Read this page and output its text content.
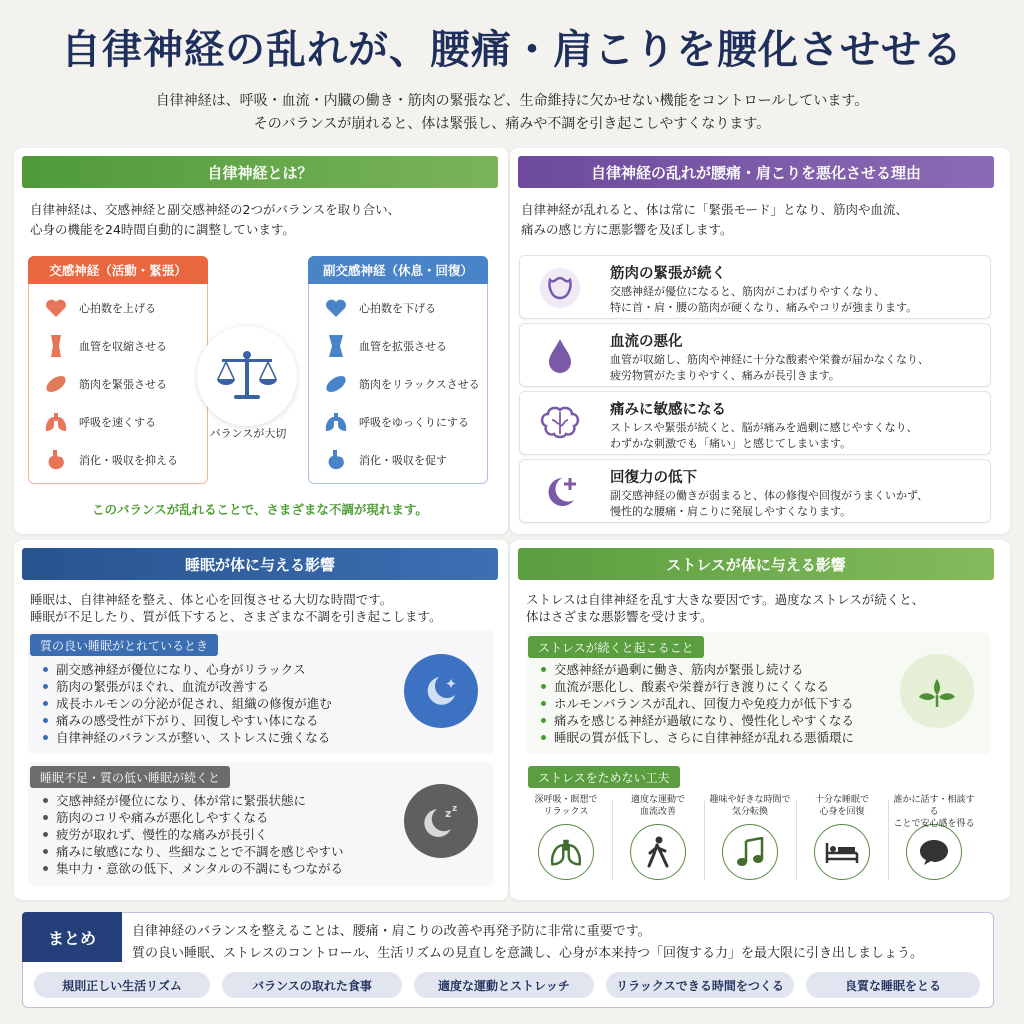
自律神経の乱れが、腰痛・肩こりを腰化させせる
自律神経は、呼吸・血流・内臓の働き・筋肉の緊張など、生命維持に欠かせない機能をコントロールしています。
そのバランスが崩れると、体は緊張し、痛みや不調を引き起こしやすくなります。
自律神経とは？
自律神経は、交感神経と副交感神経の2つがバランスを取り合い、
心身の機能を24時間自動的に調整しています。
交感神経（活動・緊張）
心拍数を上げる
血管を収縮させる
筋肉を緊張させる
呼吸を速くする
消化・吸収を抑える
バランスが大切
副交感神経（休息・回復）
心拍数を下げる
血管を拡張させる
筋肉をリラックスさせる
呼吸をゆっくりにする
消化・吸収を促す
このバランスが乱れることで、さまざまな不調が現れます。
自律神経の乱れが腰痛・肩こりを悪化させる理由
自律神経が乱れると、体は常に「緊張モード」となり、筋肉や血流、
痛みの感じ方に悪影響を及ぼします。
筋肉の緊張が続く
交感神経が優位になると、筋肉がこわばりやすくなり、
特に首・肩・腰の筋肉が硬くなり、痛みやコリが強まります。
血流の悪化
血管が収縮し、筋肉や神経に十分な酸素や栄養が届かなくなり、
疲労物質がたまりやすく、痛みが長引きます。
痛みに敏感になる
ストレスや緊張が続くと、脳が痛みを過剰に感じやすくなり、
わずかな刺激でも「痛い」と感じてしまいます。
回復力の低下
副交感神経の働きが弱まると、体の修復や回復がうまくいかず、
慢性的な腰痛・肩こりに発展しやすくなります。
睡眠が体に与える影響
睡眠は、自律神経を整え、体と心を回復させる大切な時間です。
睡眠が不足したり、質が低下すると、さまざまな不調を引き起こします。
質の良い睡眠がとれているとき
副交感神経が優位になり、心身がリラックス
筋肉の緊張がほぐれ、血流が改善する
成長ホルモンの分泌が促され、組織の修復が進む
痛みの感受性が下がり、回復しやすい体になる
自律神経のバランスが整い、ストレスに強くなる
睡眠不足・質の低い睡眠が続くと
交感神経が優位になり、体が常に緊張状態に
筋肉のコリや痛みが悪化しやすくなる
疲労が取れず、慢性的な痛みが長引く
痛みに敏感になり、些細なことで不調を感じやすい
集中力・意欲の低下、メンタルの不調にもつながる
z z
ストレスが体に与える影響
ストレスは自律神経を乱す大きな要因です。過度なストレスが続くと、
体はさざまな悪影響を受けます。
ストレスが続くと起こること
交感神経が過剰に働き、筋肉が緊張し続ける
血流が悪化し、酸素や栄養が行き渡りにくくなる
ホルモンバランスが乱れ、回復力や免疫力が低下する
痛みを感じる神経が過敏になり、慢性化しやすくなる
睡眠の質が低下し、さらに自律神経が乱れる悪循環に
ストレスをためない工夫
深呼吸・瞑想で
リラックス
適度な運動で
血流改善
趣味や好きな時間で
気分転換
十分な睡眠で
心身を回復
誰かに話す・相談する
ことで安心感を得る
まとめ	自律神経のバランスを整えることは、腰痛・肩こりの改善や再発予防に非常に重要です。
質の良い睡眠、ストレスのコントロール、生活リズムの見直しを意識し、心身が本来持つ「回復する力」を最大限に引き出しましょう。
規則正しい生活リズム	バランスの取れた食事	適度な運動とストレッチ	リラックスできる時間をつくる	良質な睡眠をとる
